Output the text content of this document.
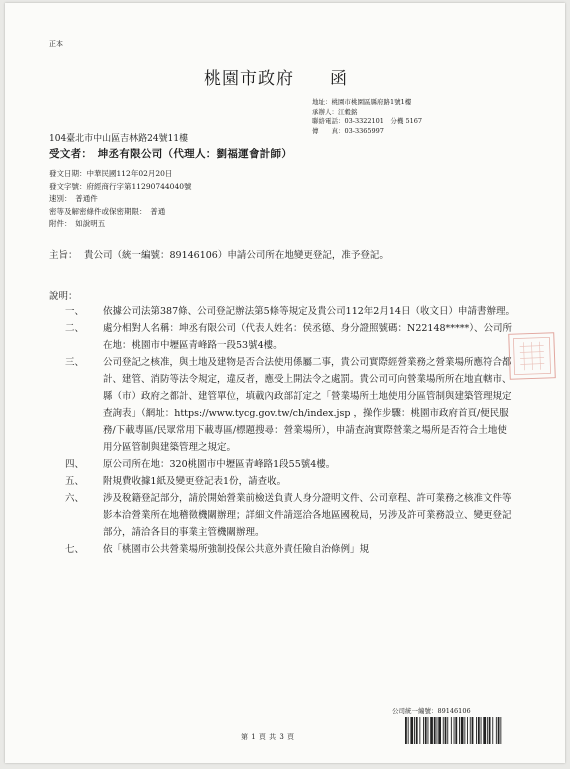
正本
桃園市政府 函
地址：桃園市桃園區縣府路1號1樓
承辦人：江穀銘
聯絡電話：03-3322101　分機 5167
傳　　真：03-3365997
104臺北市中山區吉林路24號11樓
受文者：　坤丞有限公司（代理人：劉福運會計師）
發文日期：中華民國112年02月20日
發文字號：府經商行字第11290744040號
速別：　普通件
密等及解密條件或保密期限：　普通
附件：　如說明五
主旨： 貴公司（統一編號：89146106）申請公司所在地變更登記，准予登記。
說明：
一、	依據公司法第387條、公司登記辦法第5條等規定及貴公司112年2月14日（收文日）申請書辦理。
二、	處分相對人名稱：坤丞有限公司（代表人姓名：侯丞德、身分證照號碼：N22148*****）、公司所在地：桃園市中壢區青峰路一段53號4樓。
三、	公司登記之核准，與土地及建物是否合法使用係屬二事，貴公司實際經營業務之營業場所應符合都計、建管、消防等法令規定，違反者，應受上開法令之處罰。貴公司可向營業場所所在地直轄市、縣（市）政府之都計、建管單位，填載內政部訂定之「營業場所土地使用分區管制與建築管理規定查詢表」（網址：https://www.tycg.gov.tw/ch/index.jsp ，操作步驟：桃園市政府首頁/便民服務/下載專區/民眾常用下載專區/標題搜尋：營業場所），申請查詢實際營業之場所是否符合土地使用分區管制與建築管理之規定。
四、	原公司所在地：320桃園市中壢區青峰路1段55號4樓。
五、	附規費收據1紙及變更登記表1份，請查收。
六、	涉及稅籍登記部分，請於開始營業前檢送負責人身分證明文件、公司章程、許可業務之核准文件等影本洽營業所在地稽徵機關辦理；詳細文件請逕洽各地區國稅局，另涉及許可業務設立、變更登記部分，請洽各目的事業主管機關辦理。
七、	依「桃園市公共營業場所強制投保公共意外責任險自治條例」規
公司統一編號：89146106
第 1 頁 共 3 頁
